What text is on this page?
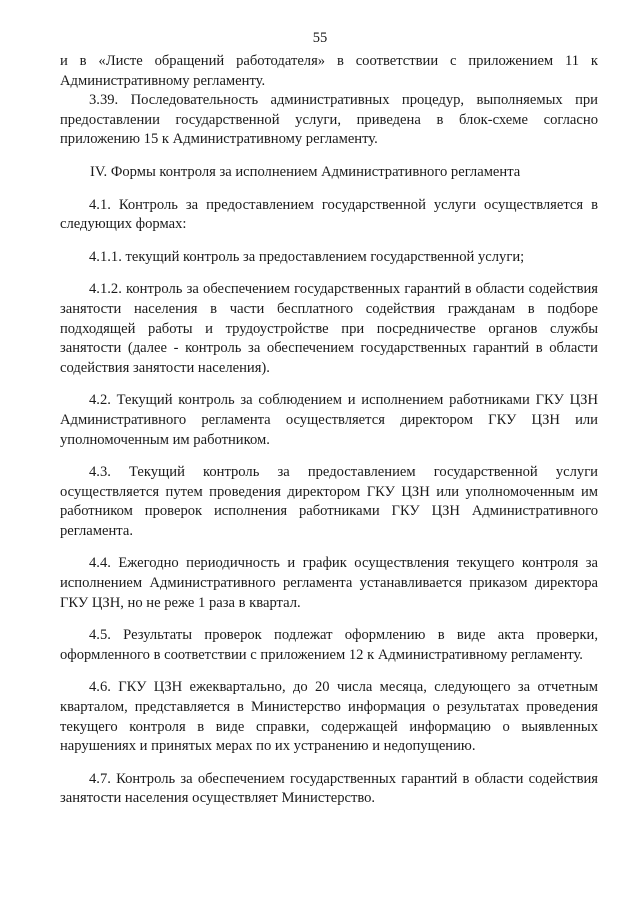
55

и в «Листе обращений работодателя» в соответствии с приложением 11 к Административному регламенту.

3.39. Последовательность административных процедур, выполняемых при предоставлении государственной услуги, приведена в блок-схеме согласно приложению 15 к Административному регламенту.

IV. Формы контроля за исполнением Административного регламента

4.1. Контроль за предоставлением государственной услуги осуществляется в следующих формах:

4.1.1. текущий контроль за предоставлением государственной услуги;

4.1.2. контроль за обеспечением государственных гарантий в области содействия занятости населения в части бесплатного содействия гражданам в подборе подходящей работы и трудоустройстве при посредничестве органов службы занятости (далее - контроль за обеспечением государственных гарантий в области содействия занятости населения).

4.2. Текущий контроль за соблюдением и исполнением работниками ГКУ ЦЗН Административного регламента осуществляется директором ГКУ ЦЗН или уполномоченным им работником.

4.3. Текущий контроль за предоставлением государственной услуги осуществляется путем проведения директором ГКУ ЦЗН или уполномоченным им работником проверок исполнения работниками ГКУ ЦЗН Административного регламента.

4.4. Ежегодно периодичность и график осуществления текущего контроля за исполнением Административного регламента устанавливается приказом директора ГКУ ЦЗН, но не реже 1 раза в квартал.

4.5. Результаты проверок подлежат оформлению в виде акта проверки, оформленного в соответствии с приложением 12 к Административному регламенту.

4.6. ГКУ ЦЗН ежеквартально, до 20 числа месяца, следующего за отчетным кварталом, представляется в Министерство информация о результатах проведения текущего контроля в виде справки, содержащей информацию о выявленных нарушениях и принятых мерах по их устранению и недопущению.

4.7. Контроль за обеспечением государственных гарантий в области содействия занятости населения осуществляет Министерство.
